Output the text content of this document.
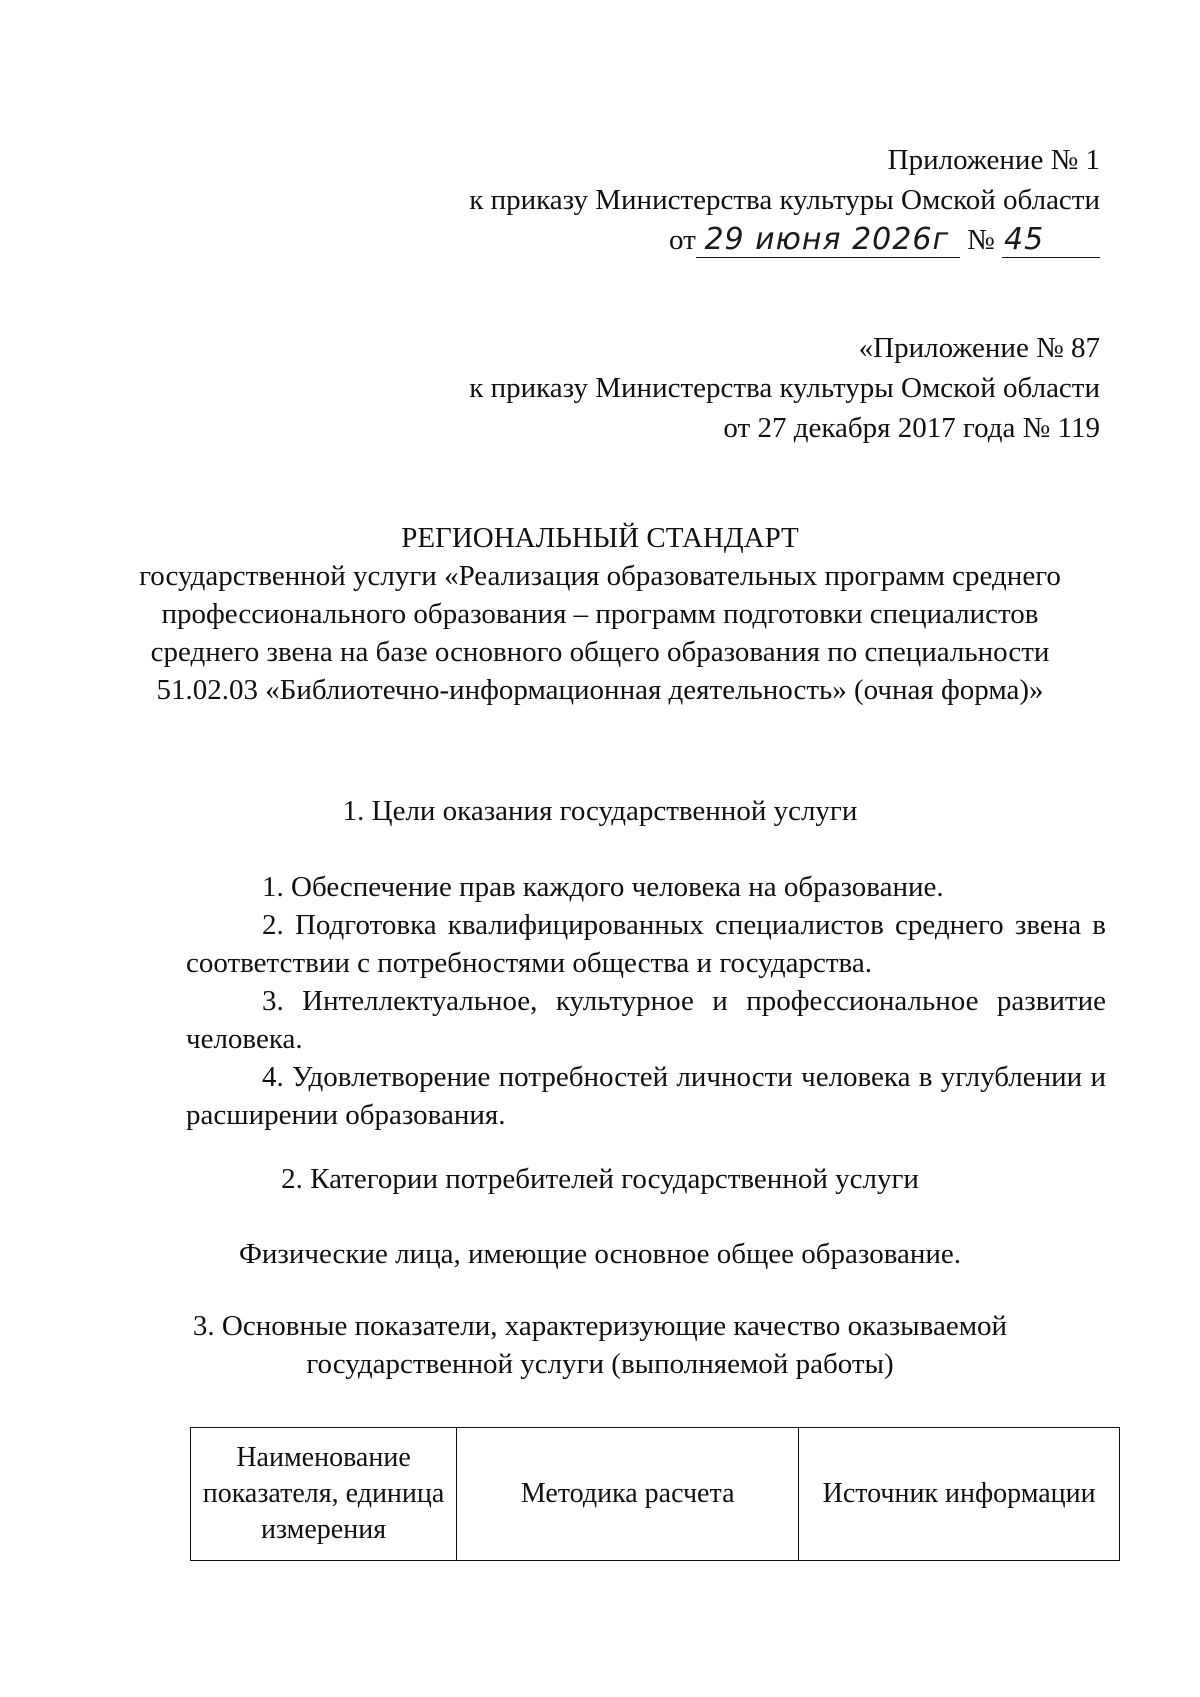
Приложение № 1
к приказу Министерства культуры Омской области
от 29 июня 2026г № 45
«Приложение № 87
к приказу Министерства культуры Омской области
от 27 декабря 2017 года № 119
РЕГИОНАЛЬНЫЙ СТАНДАРТ
государственной услуги «Реализация образовательных программ среднего профессионального образования – программ подготовки специалистов среднего звена на базе основного общего образования по специальности 51.02.03 «Библиотечно-информационная деятельность» (очная форма)»
1. Цели оказания государственной услуги

1. Обеспечение прав каждого человека на образование.

2. Подготовка квалифицированных специалистов среднего звена в соответствии с потребностями общества и государства.

3. Интеллектуальное, культурное и профессиональное развитие человека.

4. Удовлетворение потребностей личности человека в углублении и расширении образования.

2. Категории потребителей государственной услуги
Физические лица, имеющие основное общее образование.
3. Основные показатели, характеризующие качество оказываемой государственной услуги (выполняемой работы)
Наименование показателя, единица измерения	Методика расчета	Источник информации
